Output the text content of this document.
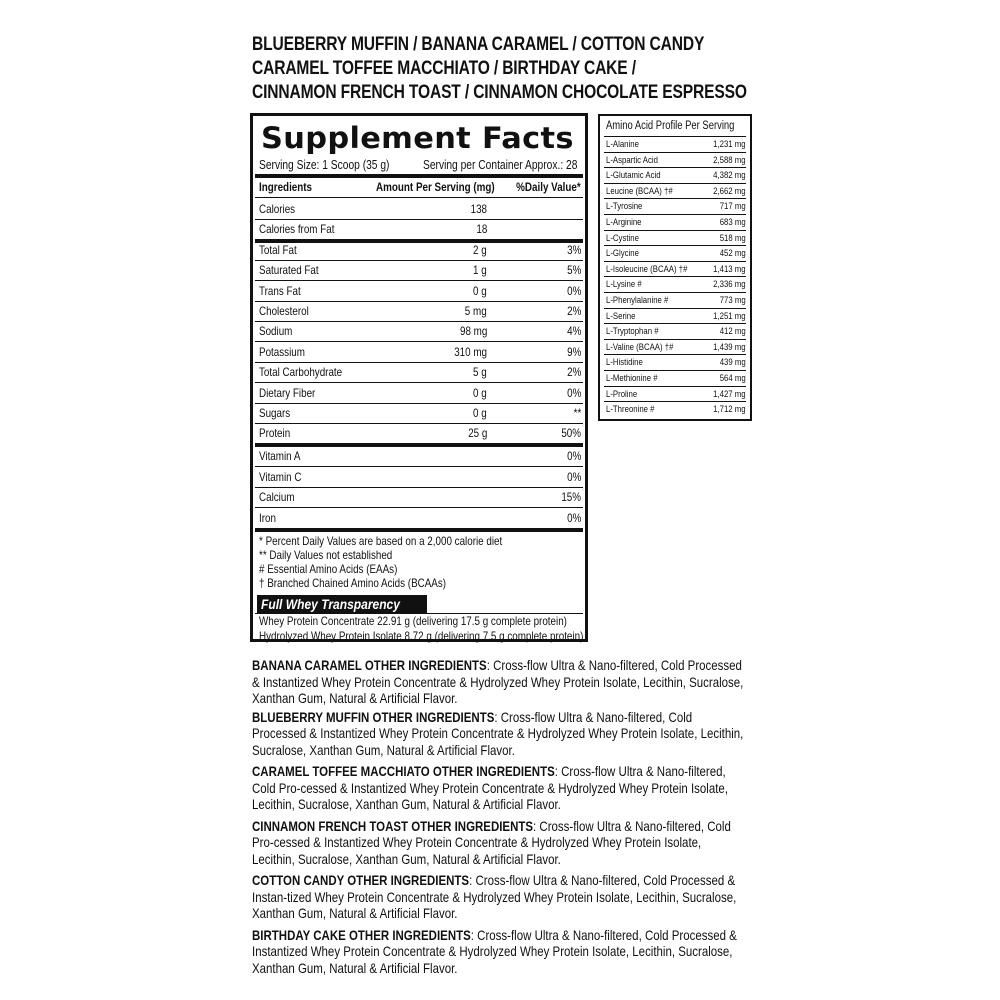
BLUEBERRY MUFFIN / BANANA CARAMEL / COTTON CANDY
CARAMEL TOFFEE MACCHIATO / BIRTHDAY CAKE /
CINNAMON FRENCH TOAST / CINNAMON CHOCOLATE ESPRESSO
Supplement Facts
Serving Size: 1 Scoop (35 g)	Serving per Container Approx.: 28
Ingredients	Amount Per Serving (mg) %Daily Value*
Calories	138
Calories from Fat	18
Total Fat	2 g	3%
Saturated Fat	1 g	5%
Trans Fat	0 g	0%
Cholesterol	5 mg	2%
Sodium	98 mg	4%
Potassium	310 mg	9%
Total Carbohydrate	5 g	2%
Dietary Fiber	0 g	0%
Sugars	0 g	**
Protein	25 g	50%
Vitamin A	0%
Vitamin C	0%
Calcium	15%
Iron	0%
* Percent Daily Values are based on a 2,000 calorie diet
** Daily Values not established
# Essential Amino Acids (EAAs)
† Branched Chained Amino Acids (BCAAs)
Full Whey Transparency
Whey Protein Concentrate 22.91 g (delivering 17.5 g complete protein)
Hydrolyzed Whey Protein Isolate 8.72 g (delivering 7.5 g complete protein)
Amino Acid Profile Per Serving
L-Alanine	1,231 mg
L-Aspartic Acid	2,588 mg
L-Glutamic Acid	4,382 mg
Leucine (BCAA) †#	2,662 mg
L-Tyrosine	717 mg
L-Arginine	683 mg
L-Cystine	518 mg
L-Glycine	452 mg
L-Isoleucine (BCAA) †#	1,413 mg
L-Lysine #	2,336 mg
L-Phenylalanine #	773 mg
L-Serine	1,251 mg
L-Tryptophan #	412 mg
L-Valine (BCAA) †#	1,439 mg
L-Histidine	439 mg
L-Methionine #	564 mg
L-Proline	1,427 mg
L-Threonine #	1,712 mg
BANANA CARAMEL OTHER INGREDIENTS: Cross-flow Ultra & Nano-filtered, Cold Processed & Instantized Whey Protein Concentrate & Hydrolyzed Whey Protein Isolate, Lecithin, Sucralose, Xanthan Gum, Natural & Artificial Flavor.
BLUEBERRY MUFFIN OTHER INGREDIENTS: Cross-flow Ultra & Nano-filtered, Cold Processed & Instantized Whey Protein Concentrate & Hydrolyzed Whey Protein Isolate, Lecithin, Sucralose, Xanthan Gum, Natural & Artificial Flavor.
CARAMEL TOFFEE MACCHIATO OTHER INGREDIENTS: Cross-flow Ultra & Nano-filtered, Cold Pro-cessed & Instantized Whey Protein Concentrate & Hydrolyzed Whey Protein Isolate, Lecithin, Sucralose, Xanthan Gum, Natural & Artificial Flavor.
CINNAMON FRENCH TOAST OTHER INGREDIENTS: Cross-flow Ultra & Nano-filtered, Cold Pro-cessed & Instantized Whey Protein Concentrate & Hydrolyzed Whey Protein Isolate, Lecithin, Sucralose, Xanthan Gum, Natural & Artificial Flavor.
COTTON CANDY OTHER INGREDIENTS: Cross-flow Ultra & Nano-filtered, Cold Processed & Instan-tized Whey Protein Concentrate & Hydrolyzed Whey Protein Isolate, Lecithin, Sucralose, Xanthan Gum, Natural & Artificial Flavor.
BIRTHDAY CAKE OTHER INGREDIENTS: Cross-flow Ultra & Nano-filtered, Cold Processed & Instantized Whey Protein Concentrate & Hydrolyzed Whey Protein Isolate, Lecithin, Sucralose, Xanthan Gum, Natural & Artificial Flavor.
